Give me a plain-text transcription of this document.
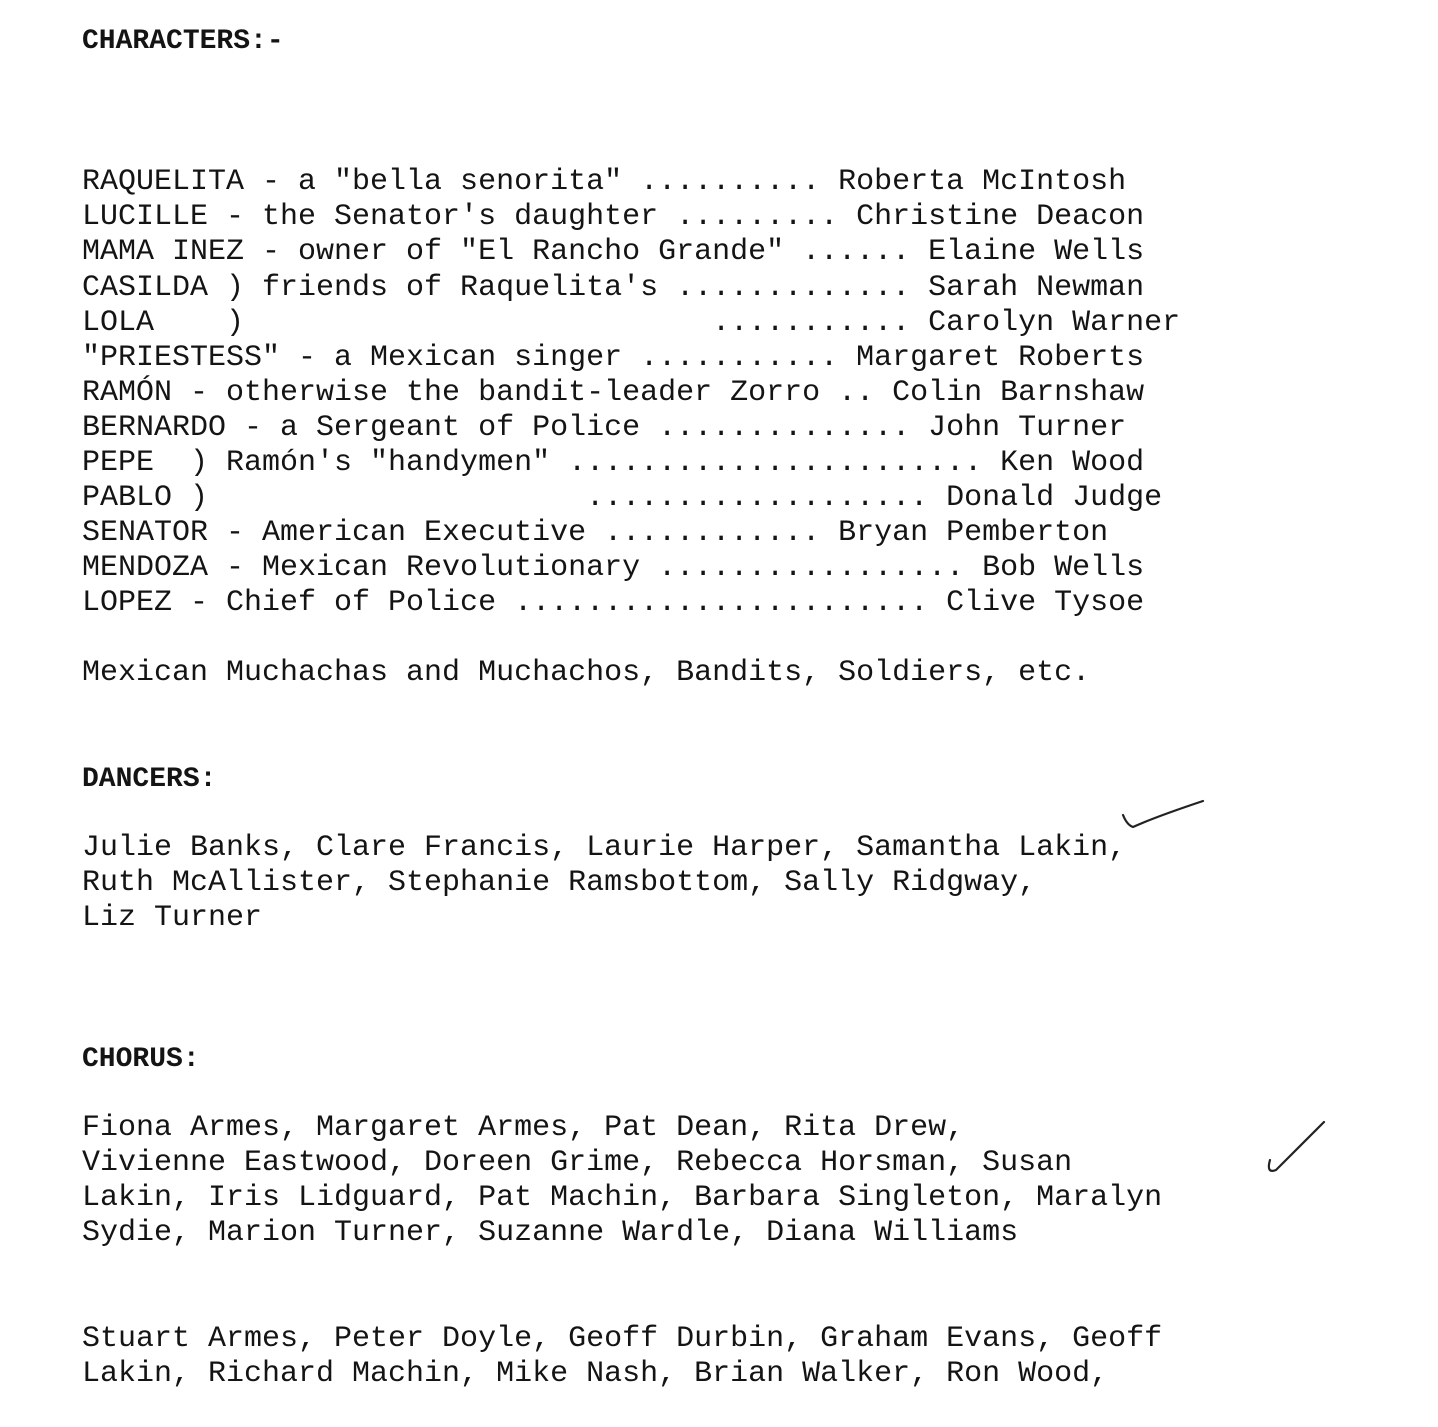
CHARACTERS:-
RAQUELITA - a "bella senorita" .......... Roberta McIntosh
LUCILLE - the Senator's daughter ......... Christine Deacon
MAMA INEZ - owner of "El Rancho Grande" ...... Elaine Wells
CASILDA ) friends of Raquelita's ............. Sarah Newman
LOLA    )                          ........... Carolyn Warner
"PRIESTESS" - a Mexican singer ........... Margaret Roberts
RAMÓN - otherwise the bandit-leader Zorro .. Colin Barnshaw
BERNARDO - a Sergeant of Police .............. John Turner
PEPE  ) Ramón's "handymen" ....................... Ken Wood
PABLO )                     ................... Donald Judge
SENATOR - American Executive ............ Bryan Pemberton
MENDOZA - Mexican Revolutionary ................. Bob Wells
LOPEZ - Chief of Police ....................... Clive Tysoe
Mexican Muchachas and Muchachos, Bandits, Soldiers, etc.
DANCERS:
Julie Banks, Clare Francis, Laurie Harper, Samantha Lakin,
Ruth McAllister, Stephanie Ramsbottom, Sally Ridgway,
Liz Turner
CHORUS:
Fiona Armes, Margaret Armes, Pat Dean, Rita Drew,
Vivienne Eastwood, Doreen Grime, Rebecca Horsman, Susan
Lakin, Iris Lidguard, Pat Machin, Barbara Singleton, Maralyn
Sydie, Marion Turner, Suzanne Wardle, Diana Williams
Stuart Armes, Peter Doyle, Geoff Durbin, Graham Evans, Geoff
Lakin, Richard Machin, Mike Nash, Brian Walker, Ron Wood,
